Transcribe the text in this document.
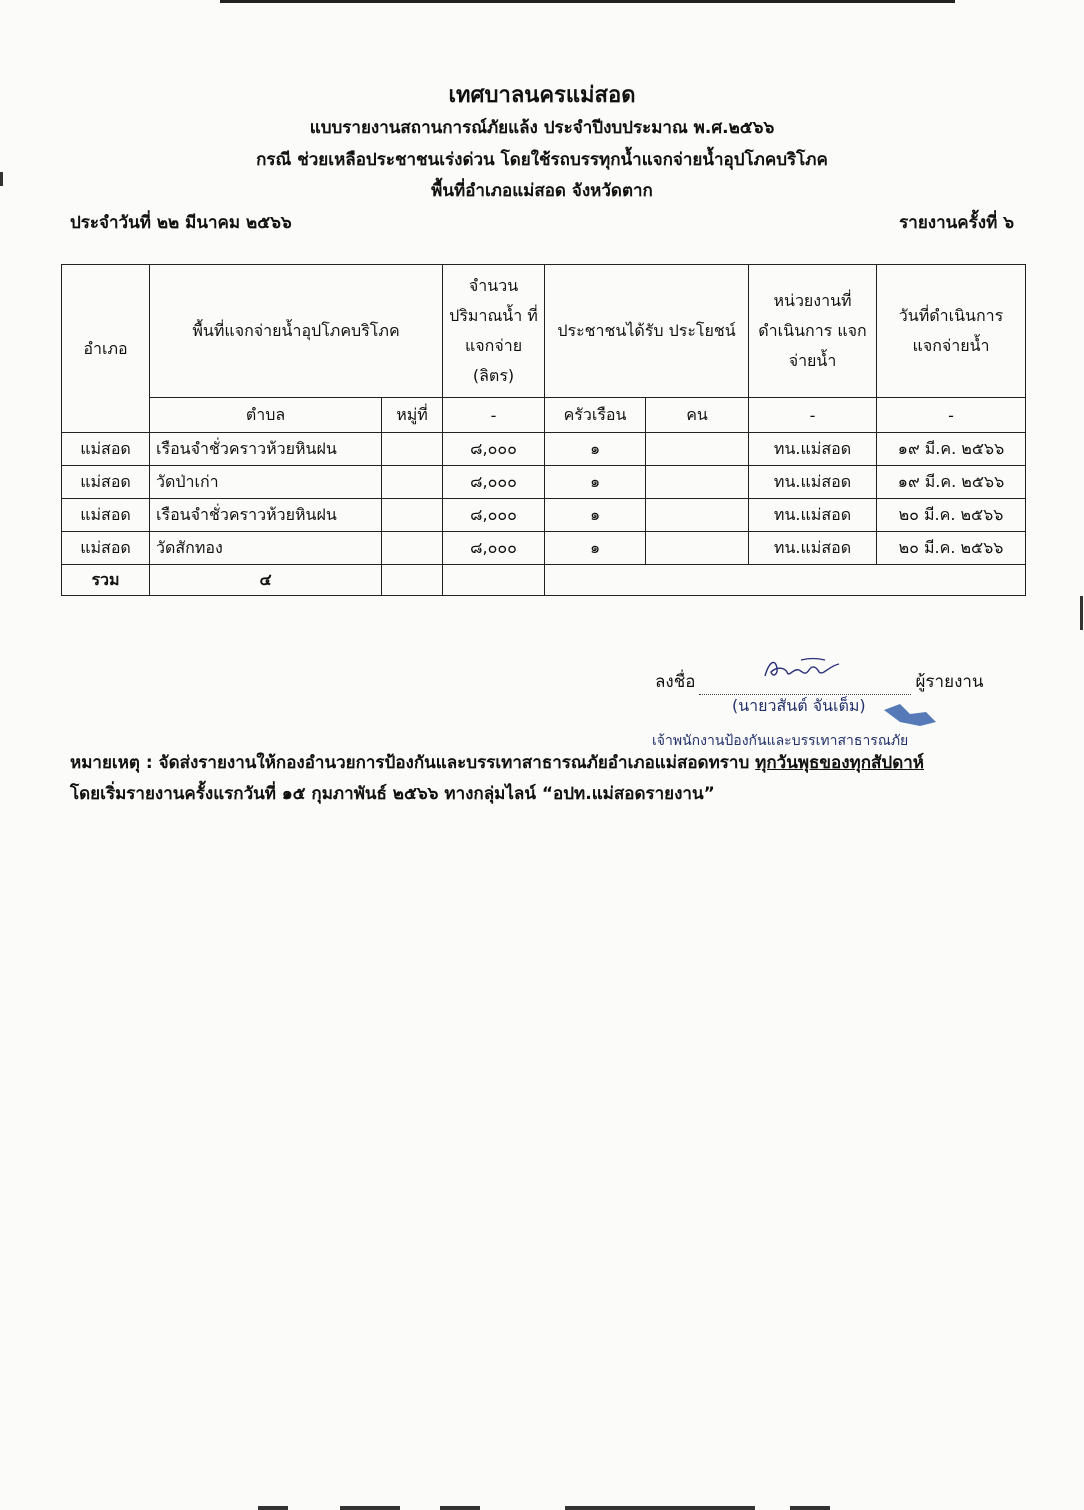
เทศบาลนครแม่สอด
แบบรายงานสถานการณ์ภัยแล้ง ประจำปีงบประมาณ พ.ศ.๒๕๖๖
กรณี ช่วยเหลือประชาชนเร่งด่วน โดยใช้รถบรรทุกน้ำแจกจ่ายน้ำอุปโภคบริโภค
พื้นที่อำเภอแม่สอด จังหวัดตาก
ประจำวันที่ ๒๒ มีนาคม ๒๕๖๖	รายงานครั้งที่ ๖
อำเภอ	พื้นที่แจกจ่ายน้ำอุปโภคบริโภค		จำนวน ปริมาณน้ำ ที่แจกจ่าย (ลิตร)	ประชาชนได้รับ ประโยชน์		หน่วยงานที่ ดำเนินการ แจกจ่ายน้ำ	วันที่ดำเนินการ แจกจ่ายน้ำ
	ตำบล	หมู่ที่	-	ครัวเรือน	คน	-	-
แม่สอด	เรือนจำชั่วคราวห้วยหินฝน		๘,๐๐๐	๑		ทน.แม่สอด	๑๙ มี.ค. ๒๕๖๖
แม่สอด	วัดป่าเก่า		๘,๐๐๐	๑		ทน.แม่สอด	๑๙ มี.ค. ๒๕๖๖
แม่สอด	เรือนจำชั่วคราวห้วยหินฝน		๘,๐๐๐	๑		ทน.แม่สอด	๒๐ มี.ค. ๒๕๖๖
แม่สอด	วัดสักทอง		๘,๐๐๐	๑		ทน.แม่สอด	๒๐ มี.ค. ๒๕๖๖
รวม	๔						
ลงชื่อ	ผู้รายงาน
(นายวสันต์ จันเต็ม)
เจ้าพนักงานป้องกันและบรรเทาสาธารณภัย
หมายเหตุ : จัดส่งรายงานให้กองอำนวยการป้องกันและบรรเทาสาธารณภัยอำเภอแม่สอดทราบ ทุกวันพุธของทุกสัปดาห์
โดยเริ่มรายงานครั้งแรกวันที่ ๑๕ กุมภาพันธ์ ๒๕๖๖ ทางกลุ่มไลน์ “อปท.แม่สอดรายงาน”
